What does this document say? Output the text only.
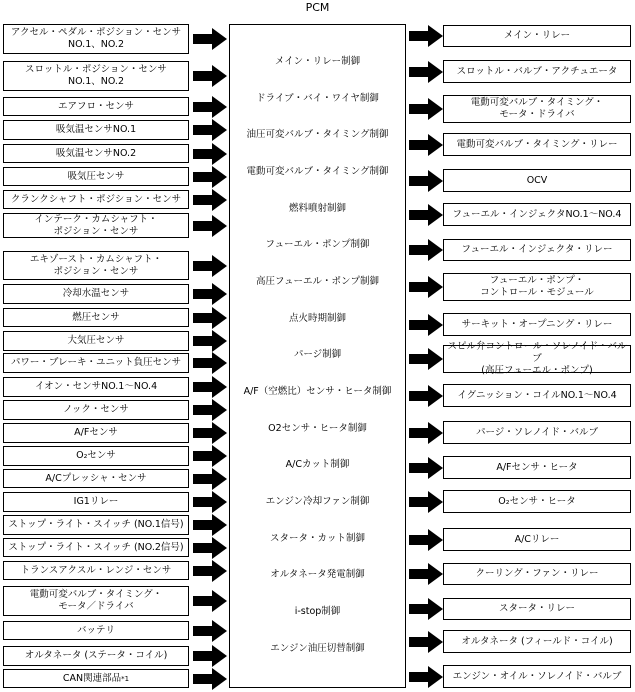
PCM
アクセル・ペダル・ポジション・センサ
NO.1、NO.2
スロットル・ポジション・センサ
NO.1、NO.2
エアフロ・センサ
吸気温センサNO.1
吸気温センサNO.2
吸気圧センサ
クランクシャフト・ポジション・センサ
インテーク・カムシャフト・
ポジション・センサ
エキゾースト・カムシャフト・
ポジション・センサ
冷却水温センサ
燃圧センサ
大気圧センサ
パワー・ブレーキ・ユニット負圧センサ
イオン・センサNO.1〜NO.4
ノック・センサ
A/Fセンサ
O₂センサ
A/Cプレッシャ・センサ
IG1リレー
ストップ・ライト・スイッチ (NO.1信号)
ストップ・ライト・スイッチ (NO.2信号)
トランスアクスル・レンジ・センサ
電動可変バルブ・タイミング・
モータ／ドライバ
バッテリ
オルタネータ (ステータ・コイル)
CAN関連部品 *1
メイン・リレー制御
ドライブ・バイ・ワイヤ制御
油圧可変バルブ・タイミング制御
電動可変バルブ・タイミング制御
燃料噴射制御
フューエル・ポンプ制御
高圧フューエル・ポンプ制御
点火時期制御
パージ制御
A/F（空燃比）センサ・ヒータ制御
O2センサ・ヒータ制御
A/Cカット制御
エンジン冷却ファン制御
スタータ・カット制御
オルタネータ発電制御
i-stop制御
エンジン油圧切替制御
メイン・リレー
スロットル・バルブ・アクチュエータ
電動可変バルブ・タイミング・
モータ・ドライバ
電動可変バルブ・タイミング・リレー
OCV
フューエル・インジェクタNO.1〜NO.4
フューエル・インジェクタ・リレー
フューエル・ポンプ・
コントロール・モジュール
サーキット・オープニング・リレー
スピル弁コントロール・ソレノイド・バルブ
(高圧フューエル・ポンプ)
イグニッション・コイルNO.1〜NO.4
パージ・ソレノイド・バルブ
A/Fセンサ・ヒータ
O₂センサ・ヒータ
A/Cリレー
クーリング・ファン・リレー
スタータ・リレー
オルタネータ (フィールド・コイル)
エンジン・オイル・ソレノイド・バルブ
